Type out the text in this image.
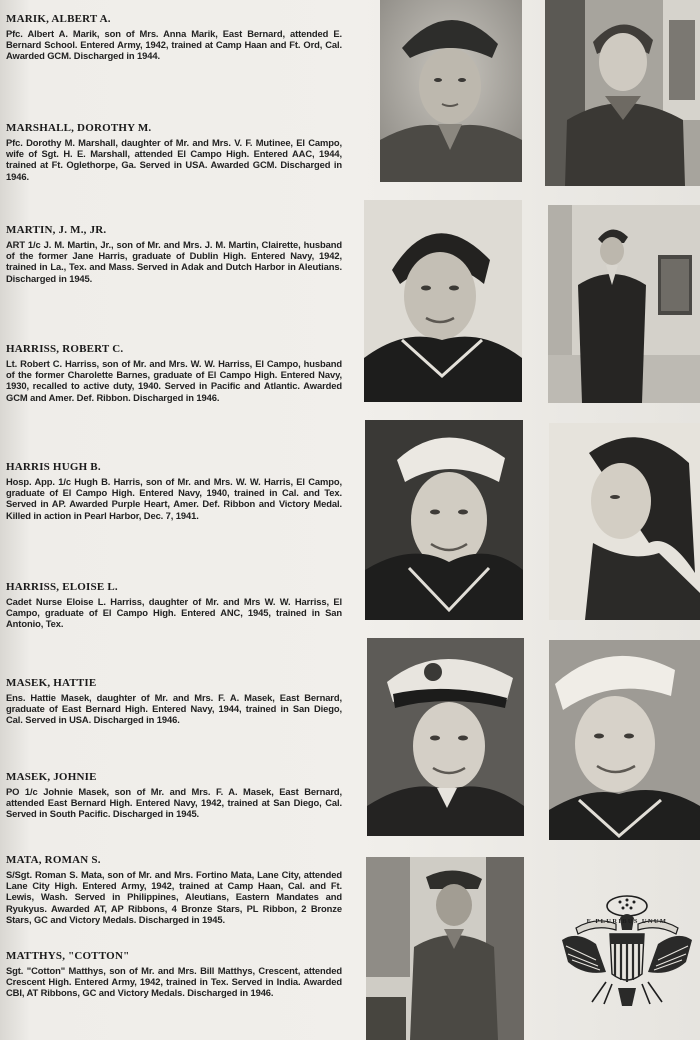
MARIK, ALBERT A.
Pfc. Albert A. Marik, son of Mrs. Anna Marik, East Bernard, attended E. Bernard School. Entered Army, 1942, trained at Camp Haan and Ft. Ord, Cal. Awarded GCM. Discharged in 1944.
MARSHALL, DOROTHY M.
Pfc. Dorothy M. Marshall, daughter of Mr. and Mrs. V. F. Mutinee, El Campo, wife of Sgt. H. E. Marshall, attended El Campo High. Entered AAC, 1944, trained at Ft. Oglethorpe, Ga. Served in USA. Awarded GCM. Discharged in 1946.
MARTIN, J. M., JR.
ART 1/c J. M. Martin, Jr., son of Mr. and Mrs. J. M. Martin, Clairette, husband of the former Jane Harris, graduate of Dublin High. Entered Navy, 1942, trained in La., Tex. and Mass. Served in Adak and Dutch Harbor in Aleutians. Discharged in 1945.
HARRISS, ROBERT C.
Lt. Robert C. Harriss, son of Mr. and Mrs. W. W. Harriss, El Campo, husband of the former Charolette Barnes, graduate of El Campo High. Entered Navy, 1930, recalled to active duty, 1940. Served in Pacific and Atlantic. Awarded GCM and Amer. Def. Ribbon. Discharged in 1946.
HARRIS HUGH B.
Hosp. App. 1/c Hugh B. Harris, son of Mr. and Mrs. W. W. Harris, El Campo, graduate of El Campo High. Entered Navy, 1940, trained in Cal. and Tex. Served in AP. Awarded Purple Heart, Amer. Def. Ribbon and Victory Medal. Killed in action in Pearl Harbor, Dec. 7, 1941.
HARRISS, ELOISE L.
Cadet Nurse Eloise L. Harriss, daughter of Mr. and Mrs W. W. Harriss, El Campo, graduate of El Campo High. Entered ANC, 1945, trained in San Antonio, Tex.
MASEK, HATTIE
Ens. Hattie Masek, daughter of Mr. and Mrs. F. A. Masek, East Bernard, graduate of East Bernard High. Entered Navy, 1944, trained in San Diego, Cal. Served in USA. Discharged in 1946.
MASEK, JOHNIE
PO 1/c Johnie Masek, son of Mr. and Mrs. F. A. Masek, East Bernard, attended East Bernard High. Entered Navy, 1942, trained at San Diego, Cal. Served in South Pacific. Discharged in 1945.
MATA, ROMAN S.
S/Sgt. Roman S. Mata, son of Mr. and Mrs. Fortino Mata, Lane City, attended Lane City High. Entered Army, 1942, trained at Camp Haan, Cal. and Ft. Lewis, Wash. Served in Philippines, Aleutians, Eastern Mandates and Ryukyus. Awarded AT, AP Ribbons, 4 Bronze Stars, PL Ribbon, 2 Bronze Stars, GC and Victory Medals. Discharged in 1945.
MATTHYS, "COTTON"
Sgt. "Cotton" Matthys, son of Mr. and Mrs. Bill Matthys, Crescent, attended Crescent High. Entered Army, 1942, trained in Tex. Served in India. Awarded CBI, AT Ribbons, GC and Victory Medals. Discharged in 1946.
E PLURIBUS UNUM
